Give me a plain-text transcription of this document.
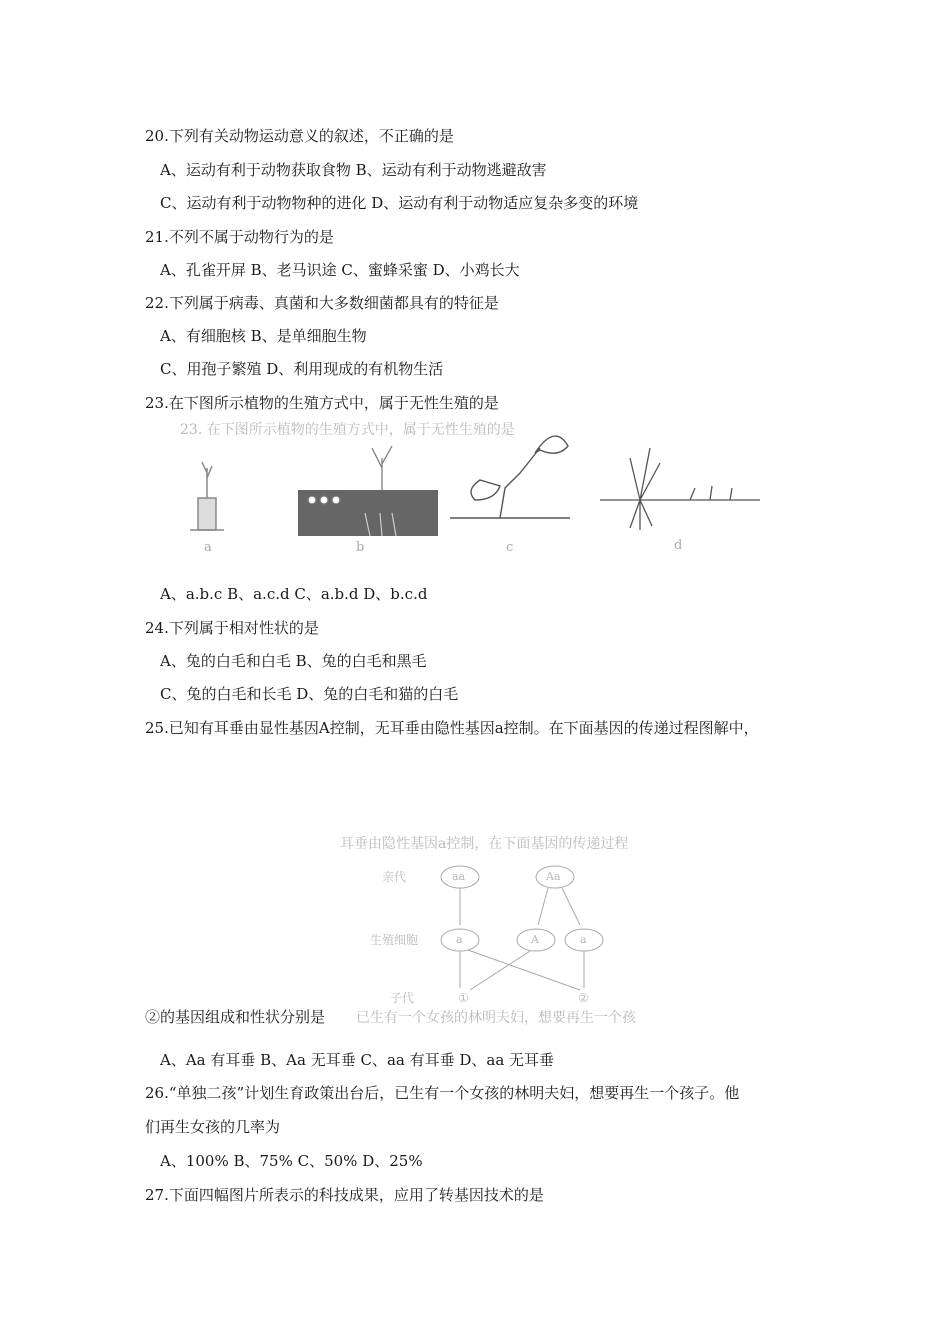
20.下列有关动物运动意义的叙述，不正确的是
A、运动有利于动物获取食物 B、运动有利于动物逃避敌害
C、运动有利于动物物种的进化 D、运动有利于动物适应复杂多变的环境
21.不列不属于动物行为的是
A、孔雀开屏 B、老马识途 C、蜜蜂采蜜 D、小鸡长大
22.下列属于病毒、真菌和大多数细菌都具有的特征是
A、有细胞核 B、是单细胞生物
C、用孢子繁殖 D、利用现成的有机物生活
23.在下图所示植物的生殖方式中，属于无性生殖的是
23. 在下图所示植物的生殖方式中，属于无性生殖的是
a	b	c	d
A、a.b.c B、a.c.d C、a.b.d D、b.c.d
24.下列属于相对性状的是
A、兔的白毛和白毛 B、兔的白毛和黑毛
C、兔的白毛和长毛 D、兔的白毛和猫的白毛
25.已知有耳垂由显性基因A控制，无耳垂由隐性基因a控制。在下面基因的传递过程图解中，
耳垂由隐性基因a控制，在下面基因的传递过程
亲代
生殖细胞
子代
aa	Aa
a	A	a
①	②
②的基因组成和性状分别是 已生有一个女孩的林明夫妇，想要再生一个孩
A、Aa 有耳垂 B、Aa 无耳垂 C、aa 有耳垂 D、aa 无耳垂
26.“单独二孩”计划生育政策出台后，已生有一个女孩的林明夫妇，想要再生一个孩子。他
们再生女孩的几率为
A、100% B、75% C、50% D、25%
27.下面四幅图片所表示的科技成果，应用了转基因技术的是
